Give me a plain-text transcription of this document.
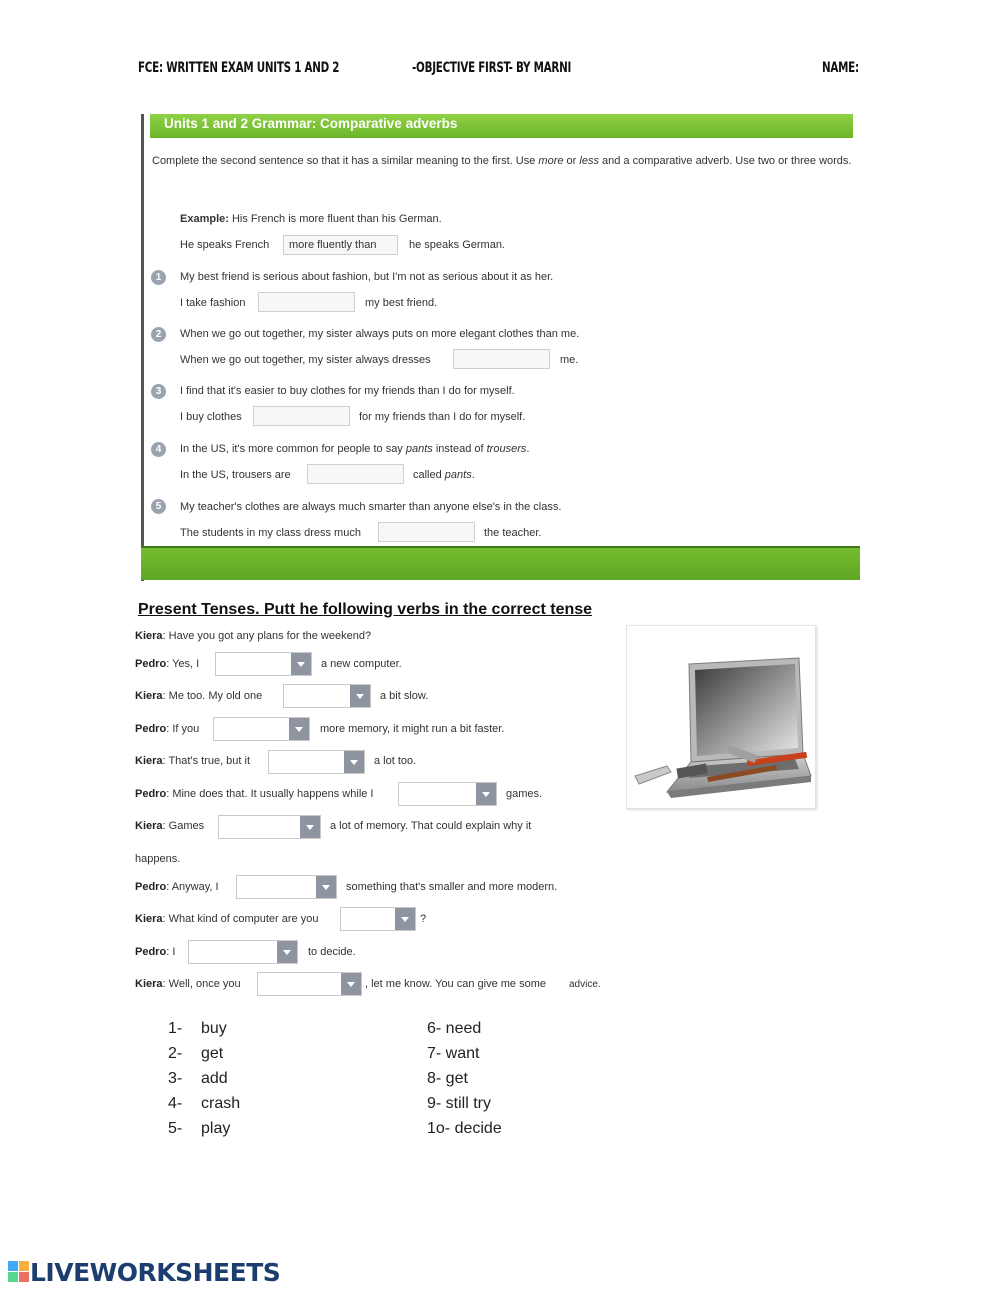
FCE: WRITTEN EXAM UNITS 1 AND 2	-OBJECTIVE FIRST- BY MARNI	NAME:
Units 1 and 2 Grammar: Comparative adverbs
Complete the second sentence so that it has a similar meaning to the first. Use more or less and a comparative adverb. Use two or three words.
Example: His French is more fluent than his German.
He speaks French	more fluently than	he speaks German.
1	My best friend is serious about fashion, but I'm not as serious about it as her.
I take fashion	my best friend.
2	When we go out together, my sister always puts on more elegant clothes than me.
When we go out together, my sister always dresses	me.
3	I find that it's easier to buy clothes for my friends than I do for myself.
I buy clothes	for my friends than I do for myself.
4	In the US, it's more common for people to say pants instead of trousers.
In the US, trousers are	called pants.
5	My teacher's clothes are always much smarter than anyone else's in the class.
The students in my class dress much	the teacher.
Present Tenses. Putt he following verbs in the correct tense
Kiera: Have you got any plans for the weekend?
Pedro: Yes, I	a new computer.
Kiera: Me too. My old one	a bit slow.
Pedro: If you	more memory, it might run a bit faster.
Kiera: That's true, but it	a lot too.
Pedro: Mine does that. It usually happens while I	games.
Kiera: Games	a lot of memory. That could explain why it
happens.
Pedro: Anyway, I	something that's smaller and more modern.
Kiera: What kind of computer are you	?
Pedro: I	to decide.
Kiera: Well, once you	, let me know. You can give me some advice.
1- buy
2- get
3- add
4- crash
5- play
6- need
7- want
8- get
9- still try
1o- decide
LIVEWORKSHEETS
